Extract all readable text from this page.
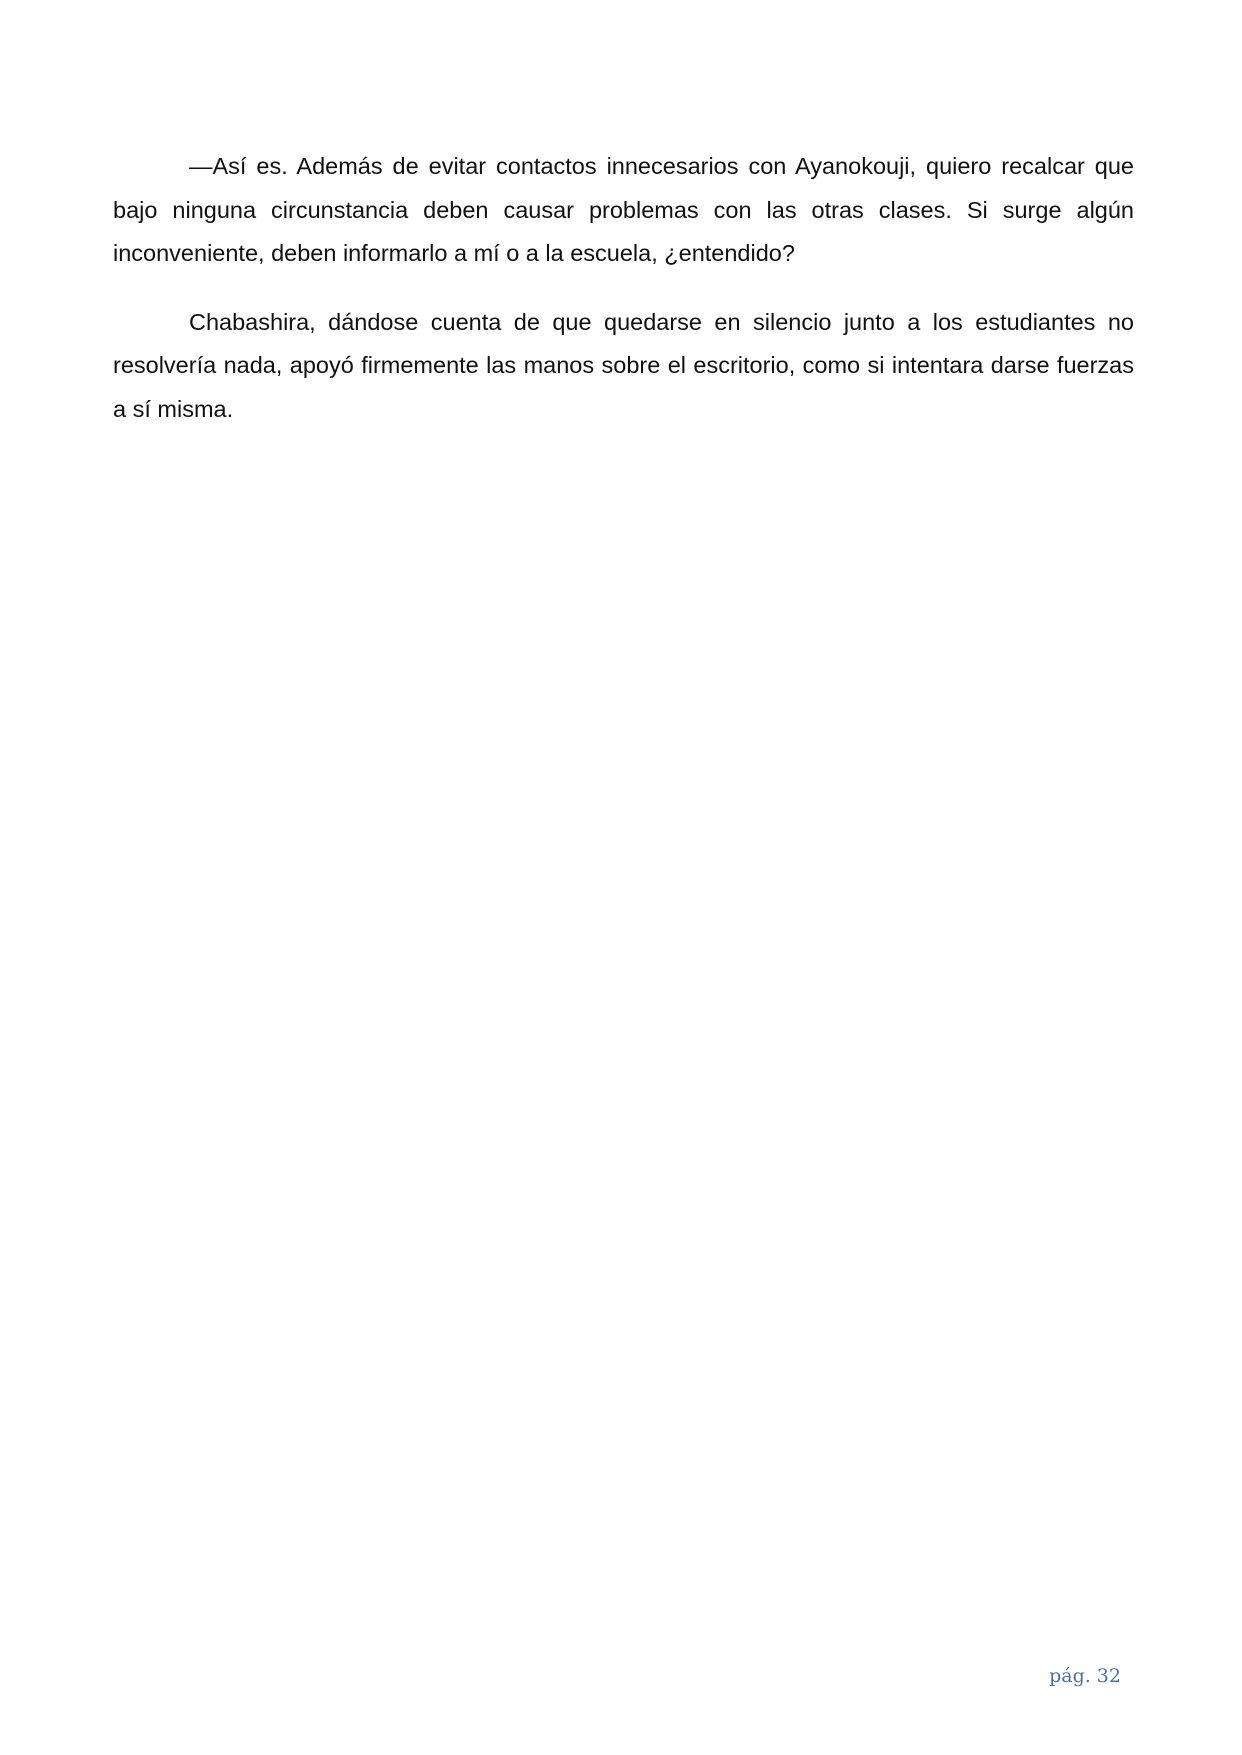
—Así es. Además de evitar contactos innecesarios con Ayanokouji, quiero recalcar que bajo ninguna circunstancia deben causar problemas con las otras clases. Si surge algún inconveniente, deben informarlo a mí o a la escuela, ¿entendido?

Chabashira, dándose cuenta de que quedarse en silencio junto a los estudiantes no resolvería nada, apoyó firmemente las manos sobre el escritorio, como si intentara darse fuerzas a sí misma.

pág. 32
